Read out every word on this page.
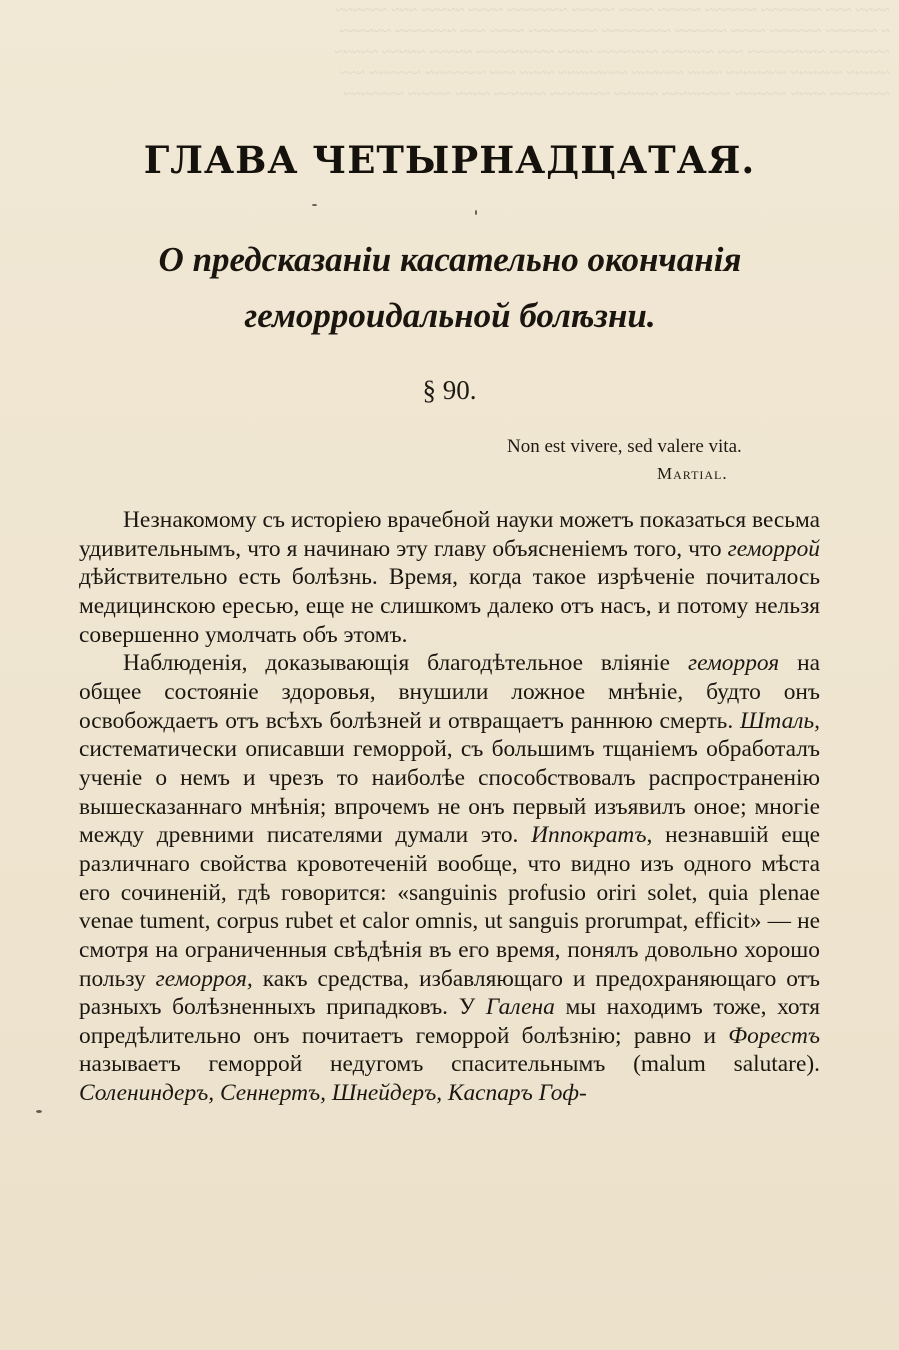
~~~~ ~~~ ~~~~~~~ ~~~~~~ ~~~~~ ~~~~ ~~~~~ ~~~~~~~ ~~~~ ~~~~~ ~~~ ~~~~~~
~ ~~~~~~ ~~~~~~ ~~~~ ~~~~~~ ~~~~~~~~ ~~~~~~~~ ~~~~ ~~~ ~~~~~~~ ~~~~~~
~~~~~~~ ~~~~~~~~~ ~~~ ~~~~~~ ~~~~~~~ ~~~~ ~~~~~~~~~ ~~~~~ ~~~~~ ~~~~~
~~~~~ ~~~~~~ ~~~~~~~ ~~~~ ~~~~~~ ~~~~~~~~ ~~~~ ~~~ ~~~~~~~ ~~~~~~ ~~~
~~~~~~~ ~~~~ ~~~~~~ ~~~~~~~~ ~~~~~ ~~~~~~~ ~~~~~~ ~~~~ ~~~~~ ~~~~~~~
ГЛАВА ЧЕТЫРНАДЦАТАЯ.
О предсказаніи касательно окончанія геморроидальной болѣзни.
§ 90.
Non est vivere, sed valere vita.
Martial.

Незнакомому съ исторіею врачебной науки можетъ показаться весьма удивительнымъ, что я начинаю эту главу объясненіемъ того, что геморрой дѣйствительно есть болѣзнь. Время, когда такое изрѣченіе почиталось медицинскою ересью, еще не слишкомъ далеко отъ насъ, и потому нельзя совершенно умолчать объ этомъ.

Наблюденія, доказывающія благодѣтельное вліяніе геморроя на общее состояніе здоровья, внушили ложное мнѣніе, будто онъ освобождаетъ отъ всѣхъ болѣзней и отвращаетъ раннюю смерть. Шталь, систематически описавши геморрой, съ большимъ тщаніемъ обработалъ ученіе о немъ и чрезъ то наиболѣе способствовалъ распространенію вышесказаннаго мнѣнія; впрочемъ не онъ первый изъявилъ оное; многіе между древними писателями думали это. Иппократъ, незнавшій еще различнаго свойства кровотеченій вообще, что видно изъ одного мѣста его сочиненій, гдѣ говорится: «sanguinis profusio oriri solet, quia plenae venae tument, corpus rubet et calor omnis, ut sanguis prorumpat, efficit» — не смотря на ограниченныя свѣдѣнія въ его время, понялъ довольно хорошо пользу геморроя, какъ средства, избавляющаго и предохраняющаго отъ разныхъ болѣзненныхъ припадковъ. У Галена мы находимъ тоже, хотя опредѣлительно онъ почитаетъ геморрой болѣзнію; равно и Форестъ называетъ геморрой недугомъ спасительнымъ (malum salutare). Солениндеръ, Сеннертъ, Шнейдеръ, Каспаръ Гоф-
